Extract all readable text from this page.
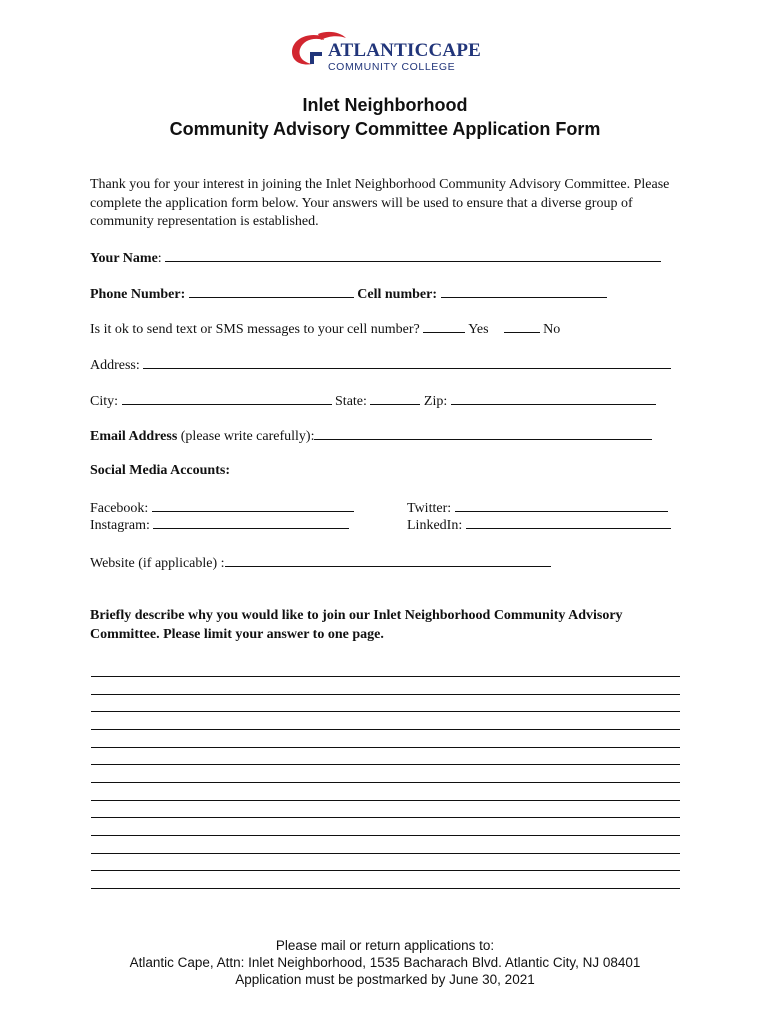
ATLANTICCAPE
COMMUNITY COLLEGE
Inlet Neighborhood
Community Advisory Committee Application Form
Thank you for your interest in joining the Inlet Neighborhood Community Advisory Committee. Please complete the application form below. Your answers will be used to ensure that a diverse group of community representation is established.
Your Name:
Phone Number:	Cell number:
Is it ok to send text or SMS messages to your cell number?	Yes	No
Address:
City:	State:	Zip:
Email Address (please write carefully):
Social Media Accounts:
Facebook:	Twitter:
Instagram:	LinkedIn:
Website (if applicable) :
Briefly describe why you would like to join our Inlet Neighborhood Community Advisory Committee. Please limit your answer to one page.
Please mail or return applications to:
Atlantic Cape, Attn: Inlet Neighborhood, 1535 Bacharach Blvd. Atlantic City, NJ 08401
Application must be postmarked by June 30, 2021
